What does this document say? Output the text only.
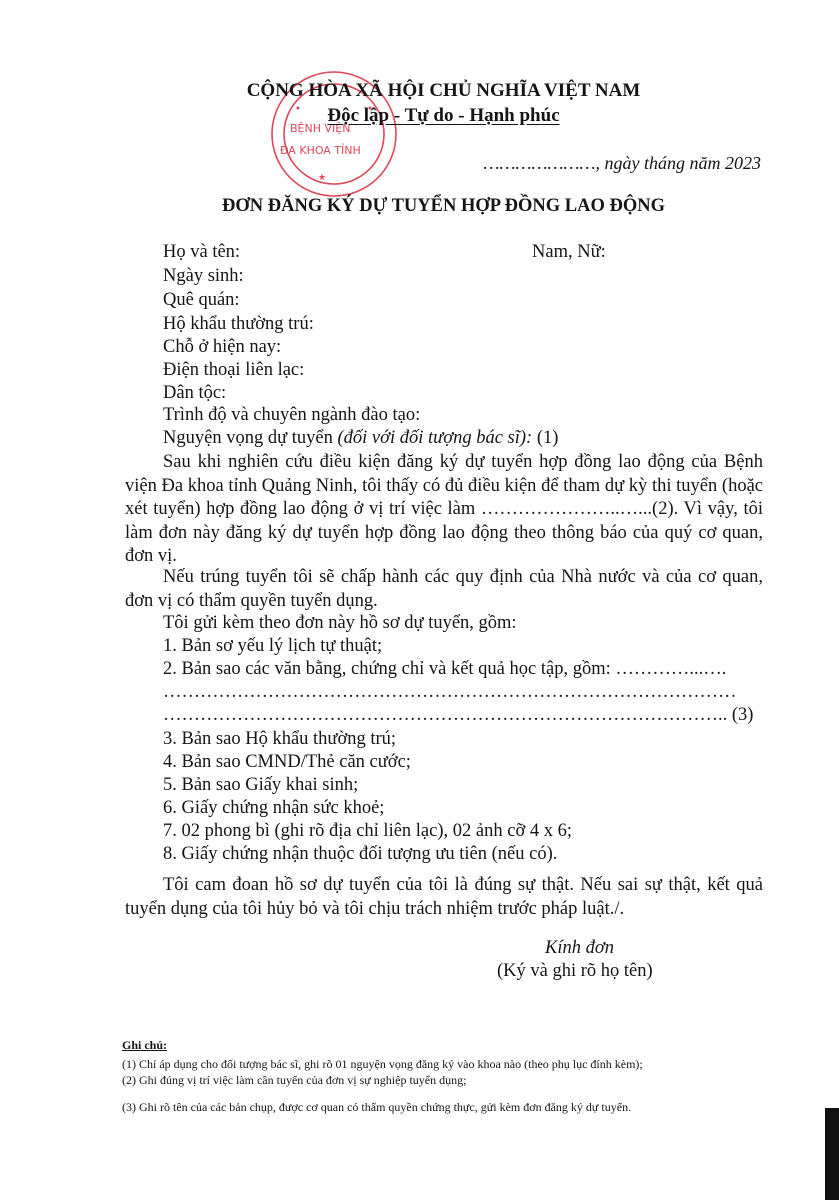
★
BỆNH VIỆN
ĐA KHOA TỈNH
CỘNG HÒA XÃ HỘI CHỦ NGHĨA VIỆT NAM
Độc lập - Tự do - Hạnh phúc
…………………, ngày tháng năm 2023
ĐƠN ĐĂNG KÝ DỰ TUYỂN HỢP ĐỒNG LAO ĐỘNG
Họ và tên:	Nam, Nữ:
Ngày sinh:
Quê quán:
Hộ khẩu thường trú:
Chỗ ở hiện nay:
Điện thoại liên lạc:
Dân tộc:
Trình độ và chuyên ngành đào tạo:
Nguyện vọng dự tuyển (đối với đối tượng bác sĩ): (1)
Sau khi nghiên cứu điều kiện đăng ký dự tuyển hợp đồng lao động của Bệnh viện Đa khoa tỉnh Quảng Ninh, tôi thấy có đủ điều kiện để tham dự kỳ thi tuyển (hoặc xét tuyển) hợp đồng lao động ở vị trí việc làm …………………..…...(2). Vì vậy, tôi làm đơn này đăng ký dự tuyển hợp đồng lao động theo thông báo của quý cơ quan, đơn vị.
Nếu trúng tuyển tôi sẽ chấp hành các quy định của Nhà nước và của cơ quan, đơn vị có thẩm quyền tuyển dụng.
Tôi gửi kèm theo đơn này hồ sơ dự tuyển, gồm:
1. Bản sơ yếu lý lịch tự thuật;
2. Bản sao các văn bằng, chứng chỉ và kết quả học tập, gồm: …………...….
…………………………………………………………………………………
……………………………………………………………………………….. (3)
3. Bản sao Hộ khẩu thường trú;
4. Bản sao CMND/Thẻ căn cước;
5. Bản sao Giấy khai sinh;
6. Giấy chứng nhận sức khoẻ;
7. 02 phong bì (ghi rõ địa chỉ liên lạc), 02 ảnh cỡ 4 x 6;
8. Giấy chứng nhận thuộc đối tượng ưu tiên (nếu có).
Tôi cam đoan hồ sơ dự tuyển của tôi là đúng sự thật. Nếu sai sự thật, kết quả tuyển dụng của tôi hủy bỏ và tôi chịu trách nhiệm trước pháp luật./.
Kính đơn
(Ký và ghi rõ họ tên)
Ghi chú:
(1) Chỉ áp dụng cho đối tượng bác sĩ, ghi rõ 01 nguyện vọng đăng ký vào khoa nào (theo phụ lục đính kèm);
(2) Ghi đúng vị trí việc làm cần tuyển của đơn vị sự nghiệp tuyển dụng;
(3) Ghi rõ tên của các bản chụp, được cơ quan có thẩm quyền chứng thực, gửi kèm đơn đăng ký dự tuyển.
